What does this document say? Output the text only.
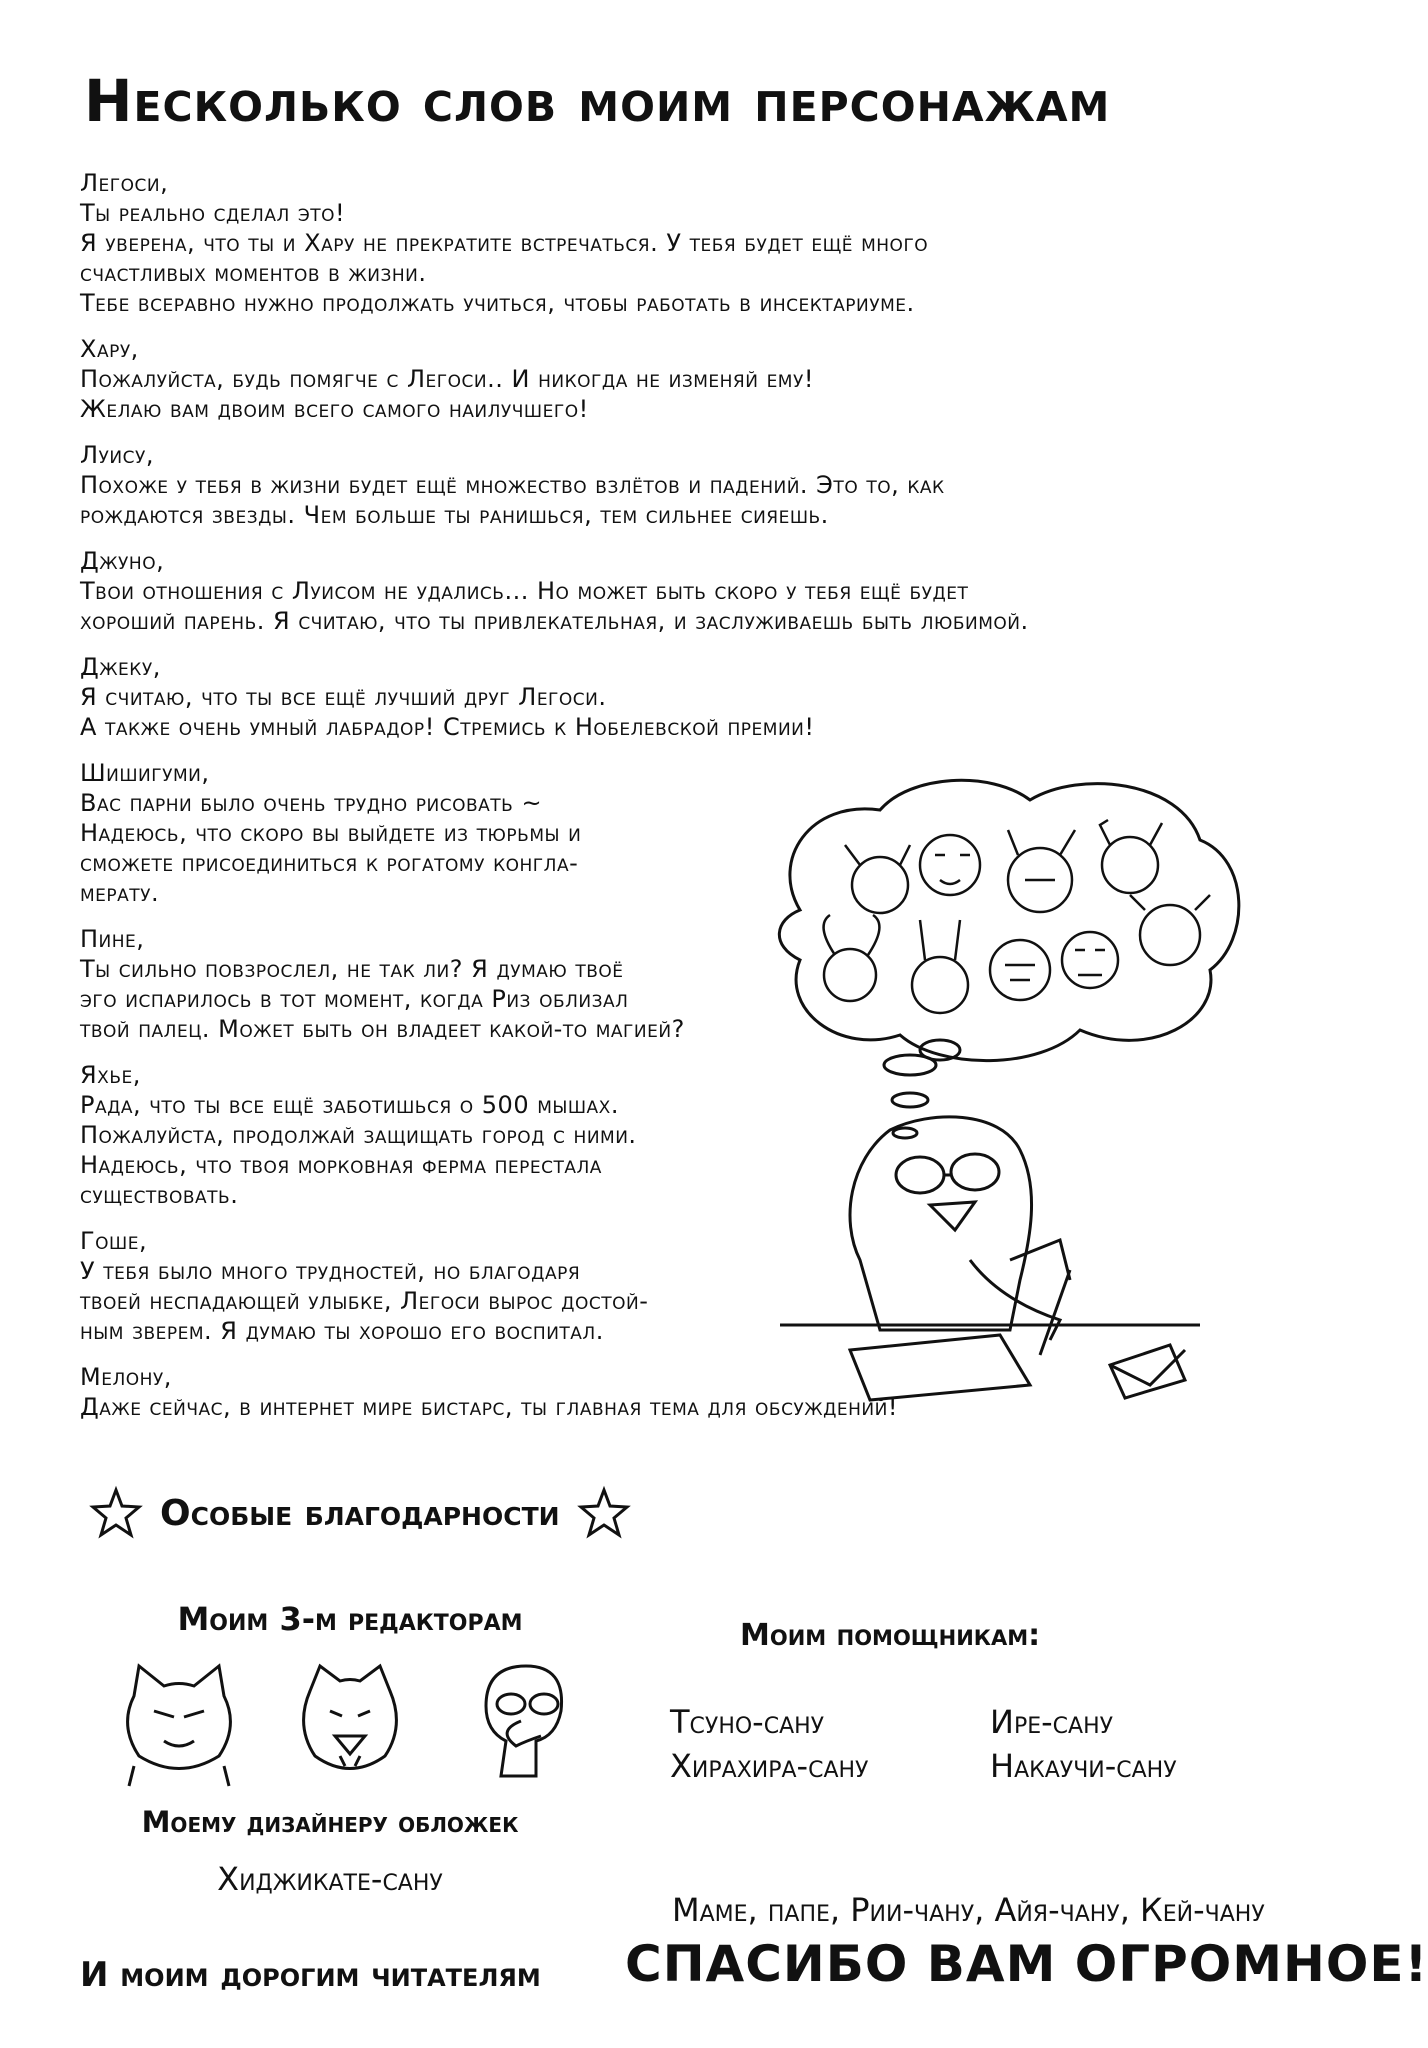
Несколько слов моим персонажам
Легоси,
Ты реально сделал это!
Я уверена, что ты и Хару не прекратите встречаться. У тебя будет ещё много
счастливых моментов в жизни.
Тебе всеравно нужно продолжать учиться, чтобы работать в инсектариуме.
Хару,
Пожалуйста, будь помягче с Легоси.. И никогда не изменяй ему!
Желаю вам двоим всего самого наилучшего!
Луису,
Похоже у тебя в жизни будет ещё множество взлётов и падений. Это то, как
рождаются звезды. Чем больше ты ранишься, тем сильнее сияешь.
Джуно,
Твои отношения с Луисом не удались... Но может быть скоро у тебя ещё будет
хороший парень. Я считаю, что ты привлекательная, и заслуживаешь быть любимой.
Джеку,
Я считаю, что ты все ещё лучший друг Легоси.
А также очень умный лабрадор! Стремись к Нобелевской премии!
Шишигуми,
Вас парни было очень трудно рисовать ~
Надеюсь, что скоро вы выйдете из тюрьмы и
сможете присоединиться к рогатому конгла-
мерату.
Пине,
Ты сильно повзрослел, не так ли? Я думаю твоё
эго испарилось в тот момент, когда Риз облизал
твой палец. Может быть он владеет какой-то магией?
Яхье,
Рада, что ты все ещё заботишься о 500 мышах.
Пожалуйста, продолжай защищать город с ними.
Надеюсь, что твоя морковная ферма перестала
существовать.
Гоше,
У тебя было много трудностей, но благодаря
твоей неспадающей улыбке, Легоси вырос достой-
ным зверем. Я думаю ты хорошо его воспитал.
Мелону,
Даже сейчас, в интернет мире бистарс, ты главная тема для обсуждений!
Особые благодарности
Моим 3-м редакторам
Моему дизайнеру обложек
Хиджикате-сану
Моим помощникам:
Тсуно-сану
Хирахира-сану
Ире-сану
Накаучи-сану
Маме, папе, Рии-чану, Айя-чану, Кей-чану
И моим дорогим читателям СПАСИБО ВАМ ОГРОМНОЕ!
